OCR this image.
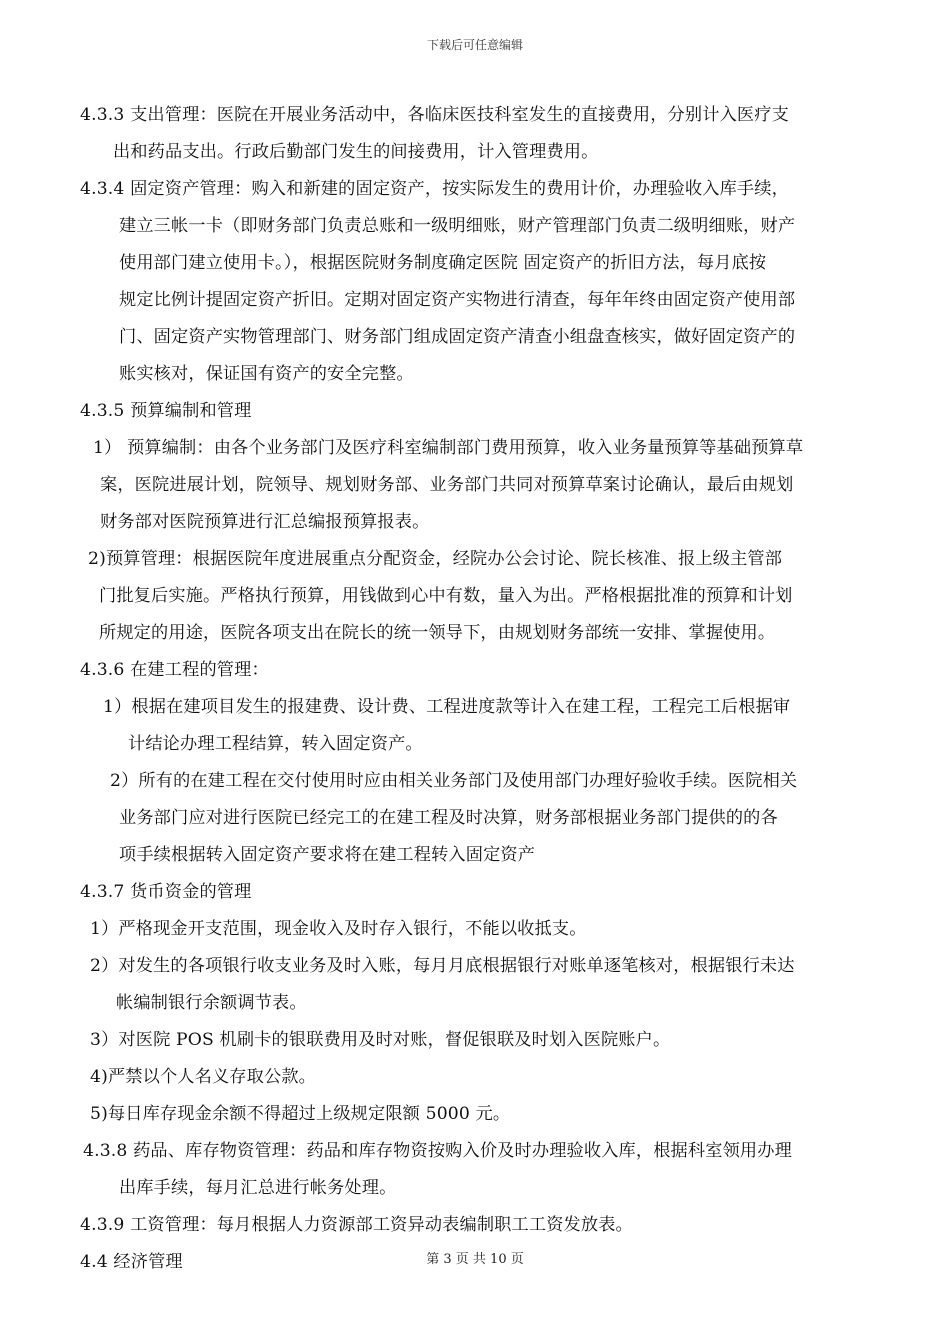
下载后可任意编辑
4.3.3 支出管理：医院在开展业务活动中，各临床医技科室发生的直接费用，分别计入医疗支
出和药品支出。行政后勤部门发生的间接费用，计入管理费用。
4.3.4 固定资产管理：购入和新建的固定资产，按实际发生的费用计价，办理验收入库手续，
建立三帐一卡（即财务部门负责总账和一级明细账，财产管理部门负责二级明细账，财产
使用部门建立使用卡。），根据医院财务制度确定医院 固定资产的折旧方法，每月底按
规定比例计提固定资产折旧。定期对固定资产实物进行清查，每年年终由固定资产使用部
门、固定资产实物管理部门、财务部门组成固定资产清查小组盘查核实，做好固定资产的
账实核对，保证国有资产的安全完整。
4.3.5 预算编制和管理
1） 预算编制：由各个业务部门及医疗科室编制部门费用预算，收入业务量预算等基础预算草
案，医院进展计划，院领导、规划财务部、业务部门共同对预算草案讨论确认，最后由规划
财务部对医院预算进行汇总编报预算报表。
2)预算管理：根据医院年度进展重点分配资金，经院办公会讨论、院长核准、报上级主管部
门批复后实施。严格执行预算，用钱做到心中有数，量入为出。严格根据批准的预算和计划
所规定的用途，医院各项支出在院长的统一领导下，由规划财务部统一安排、掌握使用。
4.3.6 在建工程的管理：
1）根据在建项目发生的报建费、设计费、工程进度款等计入在建工程，工程完工后根据审
计结论办理工程结算，转入固定资产。
2）所有的在建工程在交付使用时应由相关业务部门及使用部门办理好验收手续。医院相关
业务部门应对进行医院已经完工的在建工程及时决算，财务部根据业务部门提供的的各
项手续根据转入固定资产要求将在建工程转入固定资产
4.3.7 货币资金的管理
1）严格现金开支范围，现金收入及时存入银行，不能以收抵支。
2）对发生的各项银行收支业务及时入账，每月月底根据银行对账单逐笔核对，根据银行未达
帐编制银行余额调节表。
3）对医院 POS 机刷卡的银联费用及时对账，督促银联及时划入医院账户。
4)严禁以个人名义存取公款。
5)每日库存现金余额不得超过上级规定限额 5000 元。
4.3.8 药品、库存物资管理：药品和库存物资按购入价及时办理验收入库，根据科室领用办理
出库手续，每月汇总进行帐务处理。
4.3.9 工资管理：每月根据人力资源部工资异动表编制职工工资发放表。
4.4 经济管理	第 3 页 共 10 页
